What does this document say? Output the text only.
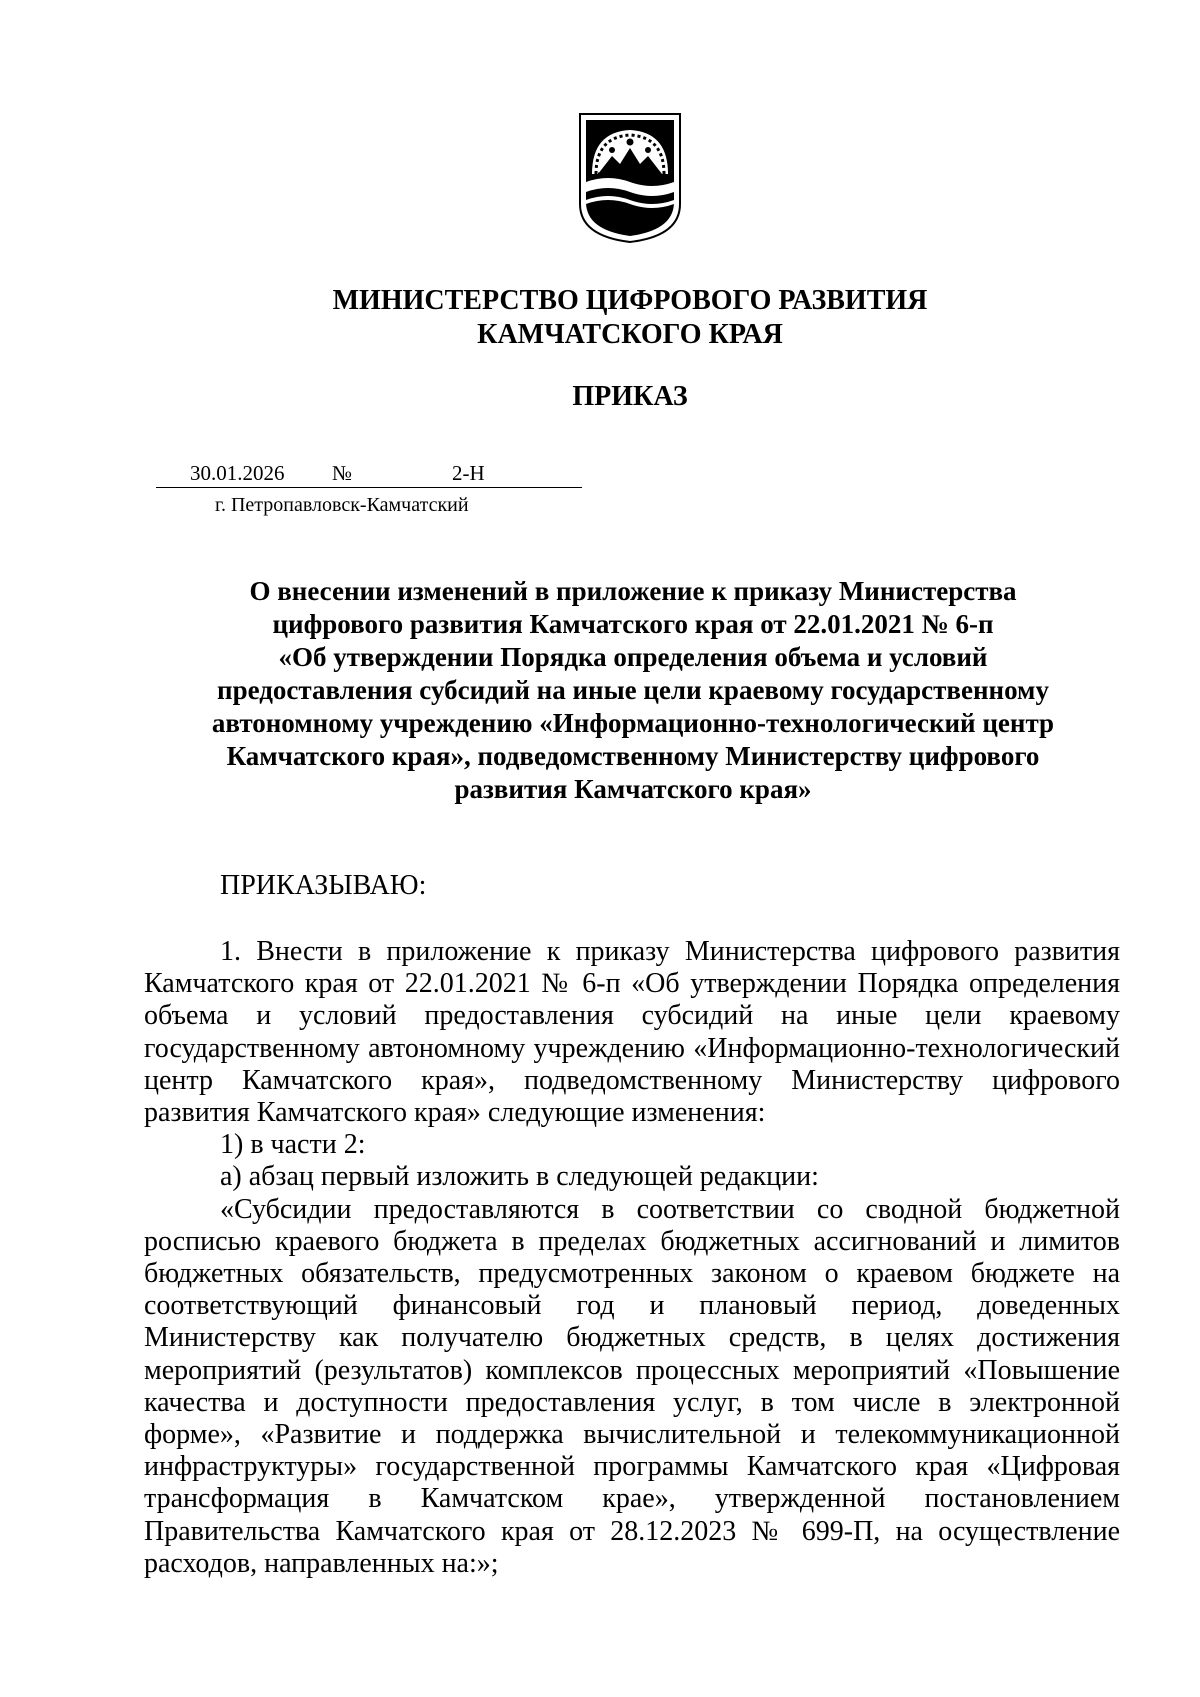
МИНИСТЕРСТВО ЦИФРОВОГО РАЗВИТИЯ
КАМЧАТСКОГО КРАЯ
ПРИКАЗ
30.01.2026 №	2-Н
г. Петропавловск-Камчатский
О внесении изменений в приложение к приказу Министерства
цифрового развития Камчатского края от 22.01.2021 № 6-п
«Об утверждении Порядка определения объема и условий
предоставления субсидий на иные цели краевому государственному
автономному учреждению «Информационно-технологический центр
Камчатского края», подведомственному Министерству цифрового
развития Камчатского края»
ПРИКАЗЫВАЮ:

1. Внести в приложение к приказу Министерства цифрового развития Камчатского края от 22.01.2021 № 6-п «Об утверждении Порядка определения объема и условий предоставления субсидий на иные цели краевому государственному автономному учреждению «Информационно-технологический центр Камчатского края», подведомственному Министерству цифрового развития Камчатского края» следующие изменения:

1) в части 2:

а) абзац первый изложить в следующей редакции:

«Субсидии предоставляются в соответствии со сводной бюджетной росписью краевого бюджета в пределах бюджетных ассигнований и лимитов бюджетных обязательств, предусмотренных законом о краевом бюджете на соответствующий финансовый год и плановый период, доведенных Министерству как получателю бюджетных средств, в целях достижения мероприятий (результатов) комплексов процессных мероприятий «Повышение качества и доступности предоставления услуг, в том числе в электронной форме», «Развитие и поддержка вычислительной и телекоммуникационной инфраструктуры» государственной программы Камчатского края «Цифровая трансформация в Камчатском крае», утвержденной постановлением Правительства Камчатского края от 28.12.2023 № 699-П, на осуществление расходов, направленных на:»;
